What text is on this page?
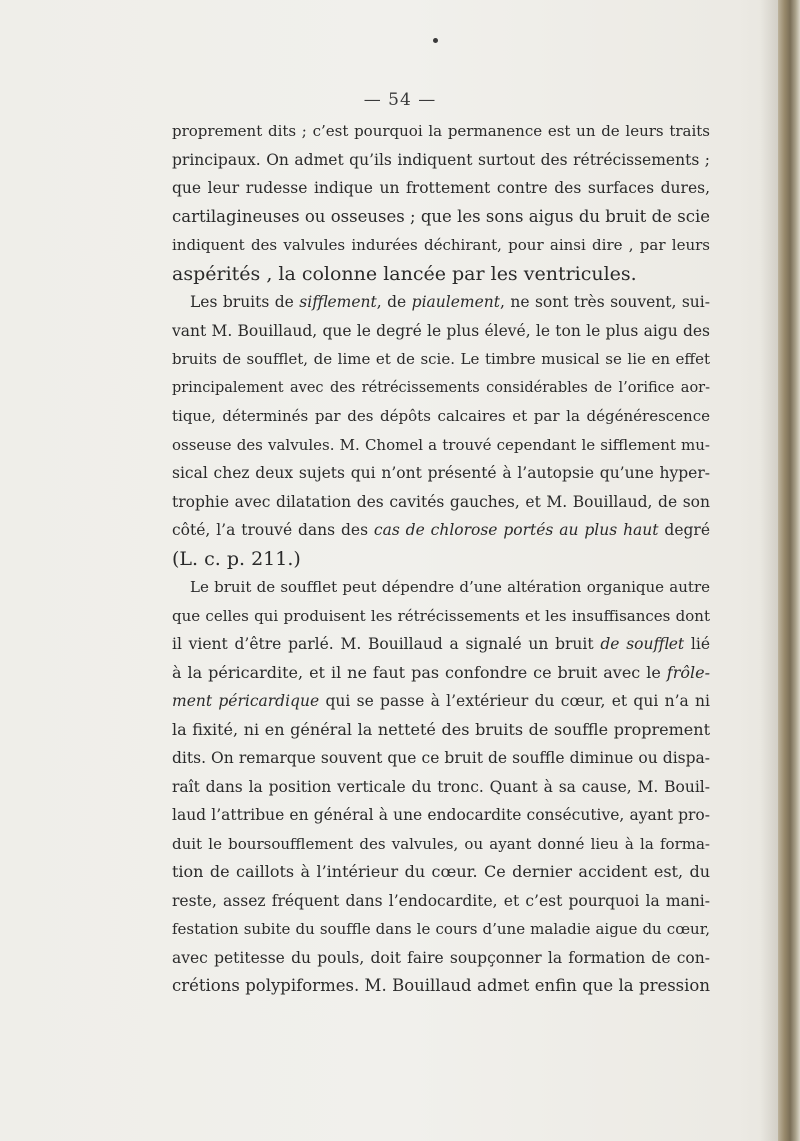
— 54 —
proprement dits ; c’est pourquoi la permanence est un de leurs traits
principaux. On admet qu’ils indiquent surtout des rétrécissements ;
que leur rudesse indique un frottement contre des surfaces dures,
cartilagineuses ou osseuses ; que les sons aigus du bruit de scie
indiquent des valvules indurées déchirant, pour ainsi dire , par leurs
aspérités , la colonne lancée par les ventricules.
Les bruits de sifflement, de piaulement, ne sont très souvent, sui-
vant M. Bouillaud, que le degré le plus élevé, le ton le plus aigu des
bruits de soufflet, de lime et de scie. Le timbre musical se lie en effet
principalement avec des rétrécissements considérables de l’orifice aor-
tique, déterminés par des dépôts calcaires et par la dégénérescence
osseuse des valvules. M. Chomel a trouvé cependant le sifflement mu-
sical chez deux sujets qui n’ont présenté à l’autopsie qu’une hyper-
trophie avec dilatation des cavités gauches, et M. Bouillaud, de son
côté, l’a trouvé dans des cas de chlorose portés au plus haut degré
(L. c. p. 211.)
Le bruit de soufflet peut dépendre d’une altération organique autre
que celles qui produisent les rétrécissements et les insuffisances dont
il vient d’être parlé. M. Bouillaud a signalé un bruit de soufflet lié
à la péricardite, et il ne faut pas confondre ce bruit avec le frôle-
ment péricardique qui se passe à l’extérieur du cœur, et qui n’a ni
la fixité, ni en général la netteté des bruits de souffle proprement
dits. On remarque souvent que ce bruit de souffle diminue ou dispa-
raît dans la position verticale du tronc. Quant à sa cause, M. Bouil-
laud l’attribue en général à une endocardite consécutive, ayant pro-
duit le boursoufflement des valvules, ou ayant donné lieu à la forma-
tion de caillots à l’intérieur du cœur. Ce dernier accident est, du
reste, assez fréquent dans l’endocardite, et c’est pourquoi la mani-
festation subite du souffle dans le cours d’une maladie aigue du cœur,
avec petitesse du pouls, doit faire soupçonner la formation de con-
crétions polypiformes. M. Bouillaud admet enfin que la pression
